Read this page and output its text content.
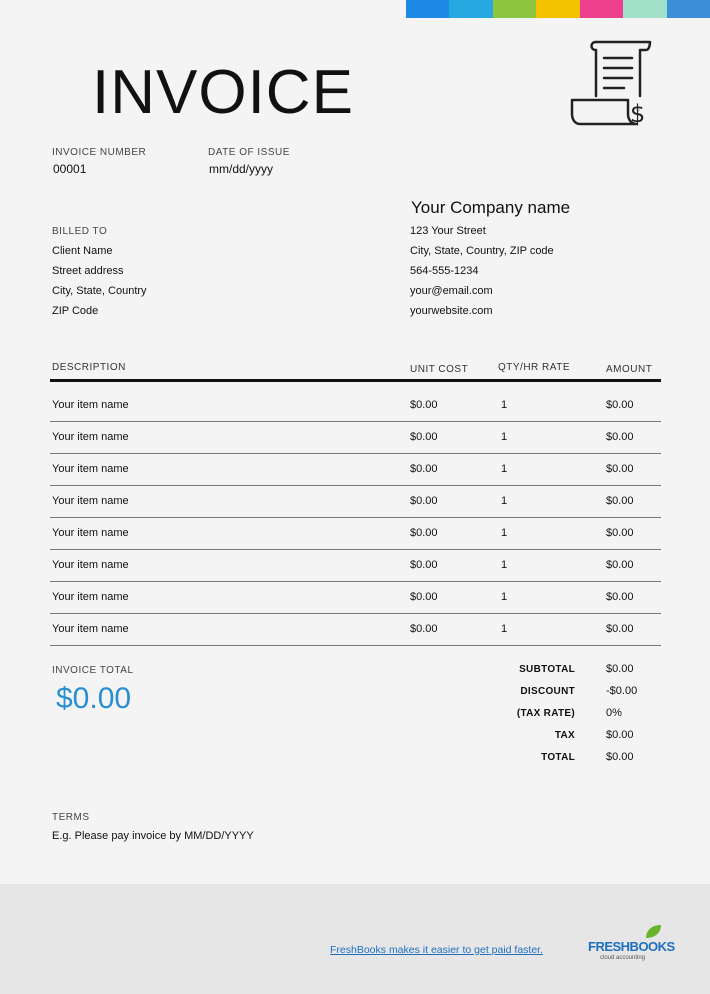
INVOICE	$
INVOICE NUMBER
00001
DATE OF ISSUE
mm/dd/yyyy
Your Company name
BILLED TO
Client Name
Street address
City, State, Country
ZIP Code
123 Your Street
City, State, Country, ZIP code
564-555-1234
your@email.com
yourwebsite.com
DESCRIPTION	UNIT COST	QTY/HR RATE	AMOUNT
Your item name	$0.00	1	$0.00
Your item name	$0.00	1	$0.00
Your item name	$0.00	1	$0.00
Your item name	$0.00	1	$0.00
Your item name	$0.00	1	$0.00
Your item name	$0.00	1	$0.00
Your item name	$0.00	1	$0.00
Your item name	$0.00	1	$0.00
INVOICE TOTAL
$0.00
SUBTOTAL	$0.00
DISCOUNT	-$0.00
(TAX RATE)	0%
TAX	$0.00
TOTAL	$0.00
TERMS
E.g. Please pay invoice by MM/DD/YYYY
FreshBooks makes it easier to get paid faster.	FRESHBOOKS
cloud accounting
